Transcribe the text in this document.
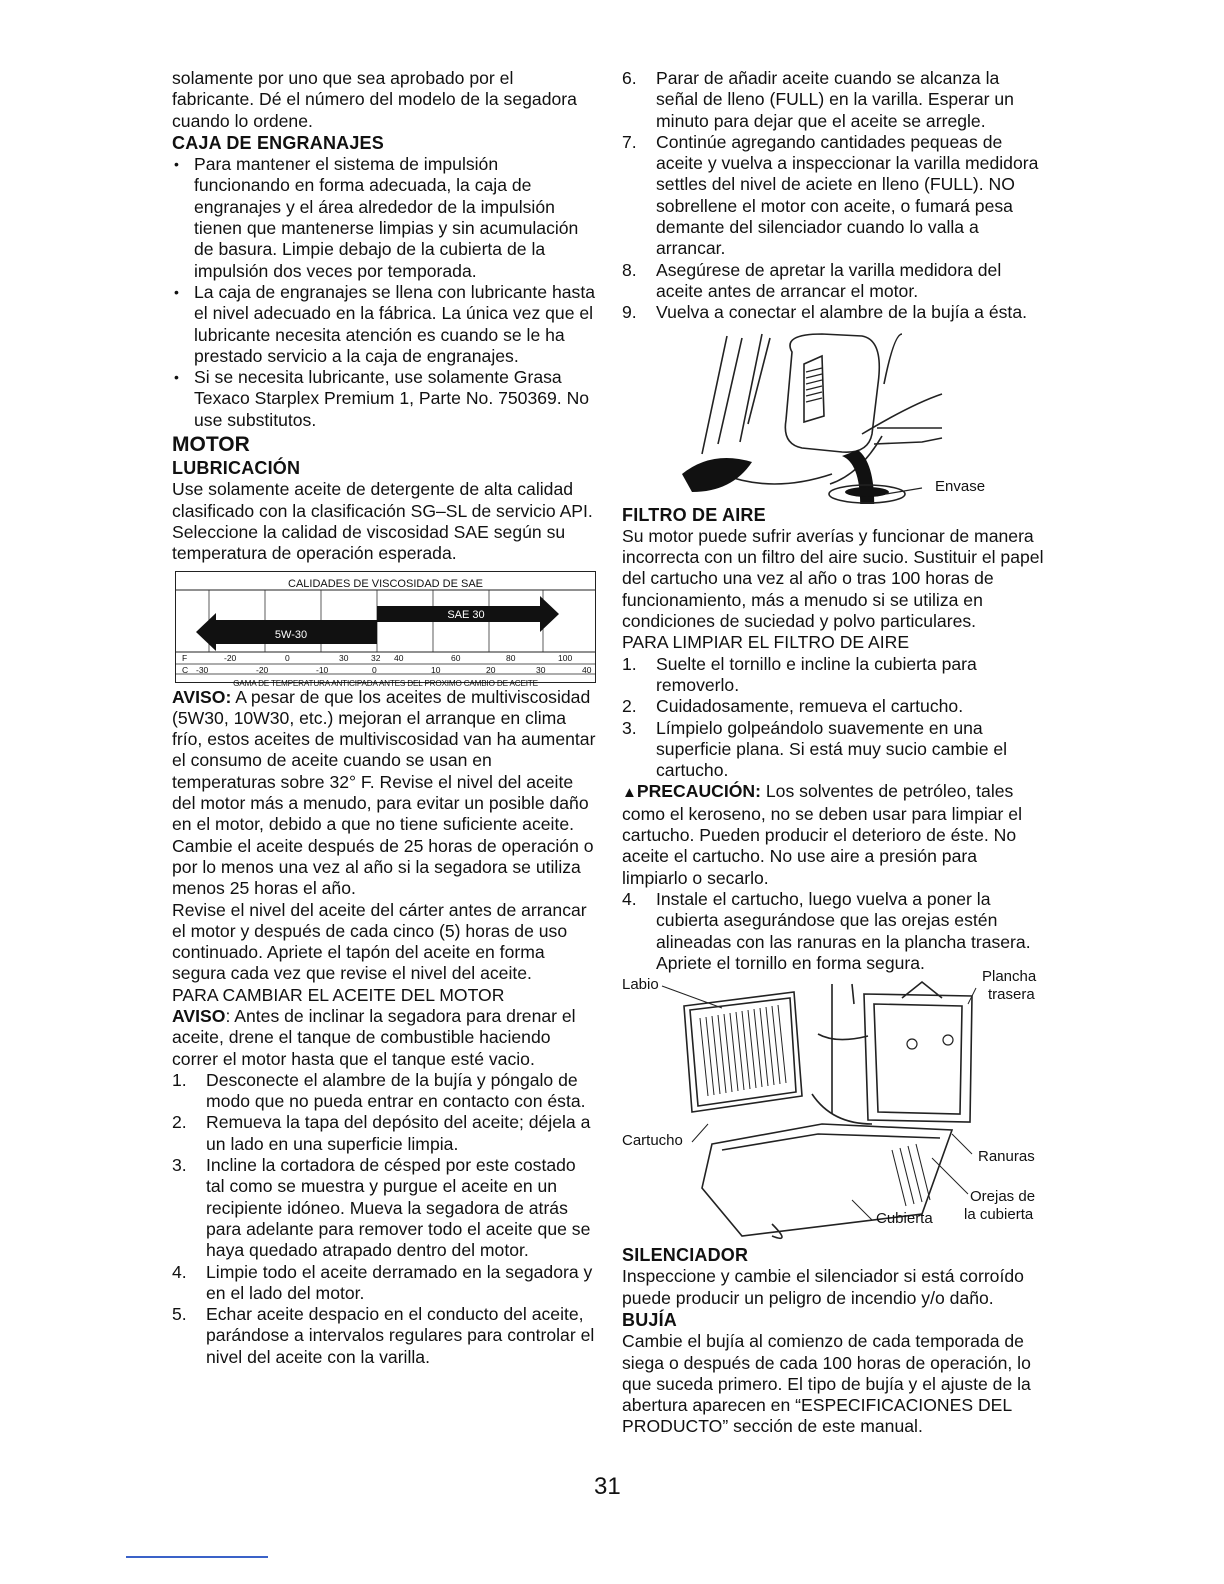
solamente por uno que sea aprobado por el fabricante. Dé el número del modelo de la segadora cuando lo ordene.

CAJA DE ENGRANAJES

• Para mantener el sistema de impulsión funcionando en forma adecuada, la caja de engranajes y el área alrededor de la impulsión tienen que mantenerse limpias y sin acumulación de basura. Limpie debajo de la cubierta de la impulsión dos veces por temporada.
• La caja de engranajes se llena con lubricante hasta el nivel adecuado en la fábrica. La única vez que el lubricante necesita atención es cuando se le ha prestado servicio a la caja de engranajes.
• Si se necesita lubricante, use solamente Grasa Texaco Starplex Premium 1, Parte No. 750369. No use substitutos.

MOTOR

LUBRICACIÓN

Use solamente aceite de detergente de alta calidad clasificado con la clasificación SG–SL de servicio API. Seleccione la calidad de viscosidad SAE según su temperatura de operación esperada.

SAE 30
5W-30
F	-20	0	30	32 40	60	80	100
C -30	-20	-10	0	10	20	30	40
CALIDADES DE VISCOSIDAD DE SAE
GAMA DE TEMPERATURA ANTICIPADA ANTES DEL PROXIMO CAMBIO DE ACEITE

AVISO: A pesar de que los aceites de multiviscosidad (5W30, 10W30, etc.) mejoran el arranque en clima frío, estos aceites de multiviscosidad van ha aumentar el consumo de aceite cuando se usan en temperaturas sobre 32° F. Revise el nivel del aceite del motor más a menudo, para evitar un posible daño en el motor, debido a que no tiene suficiente aceite.

Cambie el aceite después de 25 horas de operación o por lo menos una vez al año si la segadora se utiliza menos 25 horas el año.

Revise el nivel del aceite del cárter antes de arrancar el motor y después de cada cinco (5) horas de uso continuado. Apriete el tapón del aceite en forma segura cada vez que revise el nivel del aceite.

PARA CAMBIAR EL ACEITE DEL MOTOR

AVISO: Antes de inclinar la segadora para drenar el aceite, drene el tanque de combustible haciendo correr el motor hasta que el tanque esté vacio.

1.	Desconecte el alambre de la bujía y póngalo de modo que no pueda entrar en contacto con ésta.
2.	Remueva la tapa del depósito del aceite; déjela a un lado en una superficie limpia.
3.	Incline la cortadora de césped por este costado tal como se muestra y purgue el aceite en un recipiente idóneo. Mueva la segadora de atrás para adelante para remover todo el aceite que se haya quedado atrapado dentro del motor.
4.	Limpie todo el aceite derramado en la segadora y en el lado del motor.
5.	Echar aceite despacio en el conducto del aceite, parándose a intervalos regulares para controlar el nivel del aceite con la varilla.
6.	Parar de añadir aceite cuando se alcanza la señal de lleno (FULL) en la varilla. Esperar un minuto para dejar que el aceite se arregle.
7.	Continúe agregando cantidades pequeas de aceite y vuelva a inspeccionar la varilla medidora settles del nivel de aciete en lleno (FULL). NO sobrellene el motor con aceite, o fumará pesa demante del silenciador cuando lo valla a arrancar.
8.	Asegúrese de apretar la varilla medidora del aceite antes de arrancar el motor.
9.	Vuelva a conectar el alambre de la bujía a ésta.
Envase

FILTRO DE AIRE

Su motor puede sufrir averías y funcionar de manera incorrecta con un filtro del aire sucio. Sustituir el papel del cartucho una vez al año o tras 100 horas de funcionamiento, más a menudo si se utiliza en condiciones de suciedad y polvo particulares.

PARA LIMPIAR EL FILTRO DE AIRE

1.	Suelte el tornillo e incline la cubierta para removerlo.
2.	Cuidadosamente, remueva el cartucho.
3.	Límpielo golpeándolo suavemente en una superficie plana. Si está muy sucio cambie el cartucho.

▲PRECAUCIÓN: Los solventes de petróleo, tales como el keroseno, no se deben usar para limpiar el cartucho. Pueden producir el deterioro de éste. No aceite el cartucho. No use aire a presión para limpiarlo o secarlo.

4.	Instale el cartucho, luego vuelva a poner la cubierta asegurándose que las orejas estén alineadas con las ranuras en la plancha trasera. Apriete el tornillo en forma segura.
Labio	Plancha
trasera
Cartucho
Ranuras
Orejas de
la cubierta
Cubierta

SILENCIADOR

Inspeccione y cambie el silenciador si está corroído puede producir un peligro de incendio y/o daño.

BUJÍA

Cambie el bujía al comienzo de cada temporada de siega o después de cada 100 horas de operación, lo que suceda primero. El tipo de bujía y el ajuste de la abertura aparecen en “ESPECIFICACIONES DEL PRODUCTO” sección de este manual.

31
